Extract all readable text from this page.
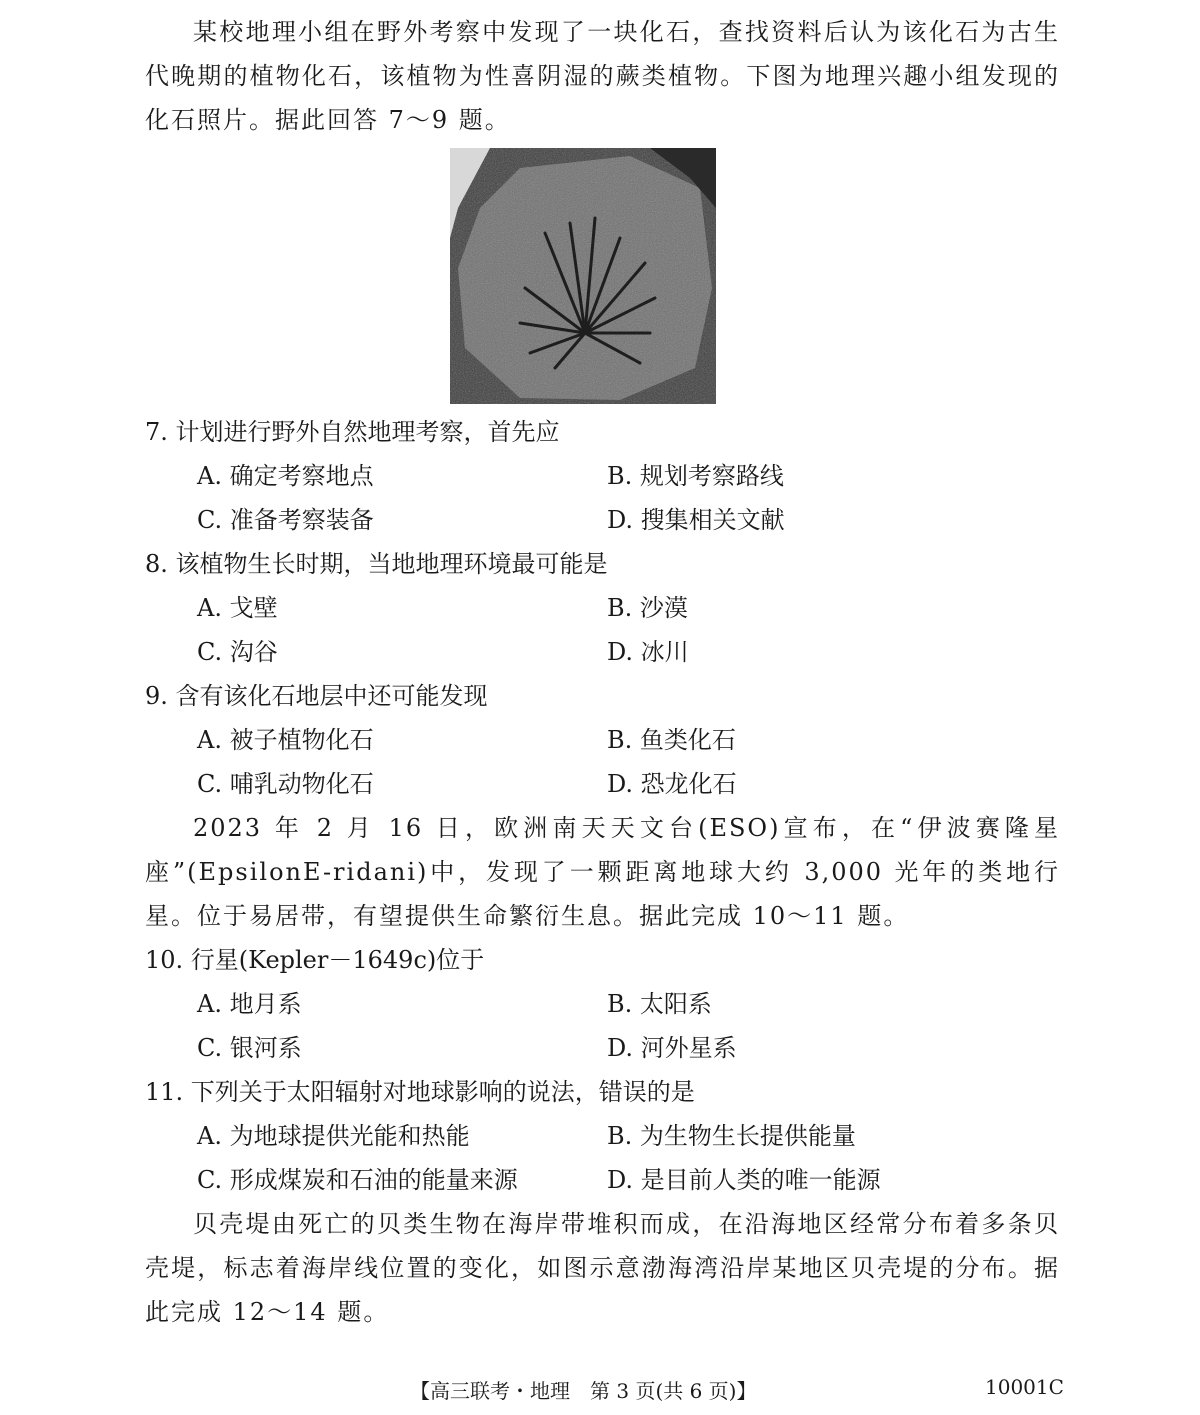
某校地理小组在野外考察中发现了一块化石，查找资料后认为该化石为古生代晚期的植物化石，该植物为性喜阴湿的蕨类植物。下图为地理兴趣小组发现的化石照片。据此回答 7～9 题。

7. 计划进行野外自然地理考察，首先应

A. 确定考察地点	B. 规划考察路线
C. 准备考察装备	D. 搜集相关文献

8. 该植物生长时期，当地地理环境最可能是

A. 戈壁	B. 沙漠
C. 沟谷	D. 冰川

9. 含有该化石地层中还可能发现

A. 被子植物化石	B. 鱼类化石
C. 哺乳动物化石	D. 恐龙化石

2023 年 2 月 16 日，欧洲南天天文台(ESO)宣布，在“伊波赛隆星座”(EpsilonE-ridani)中，发现了一颗距离地球大约 3,000 光年的类地行星。位于易居带，有望提供生命繁衍生息。据此完成 10～11 题。

10. 行星(Kepler－1649c)位于

A. 地月系	B. 太阳系
C. 银河系	D. 河外星系

11. 下列关于太阳辐射对地球影响的说法，错误的是

A. 为地球提供光能和热能	B. 为生物生长提供能量
C. 形成煤炭和石油的能量来源	D. 是目前人类的唯一能源

贝壳堤由死亡的贝类生物在海岸带堆积而成，在沿海地区经常分布着多条贝壳堤，标志着海岸线位置的变化，如图示意渤海湾沿岸某地区贝壳堤的分布。据此完成 12～14 题。

【高三联考・地理　第 3 页(共 6 页)】	10001C
